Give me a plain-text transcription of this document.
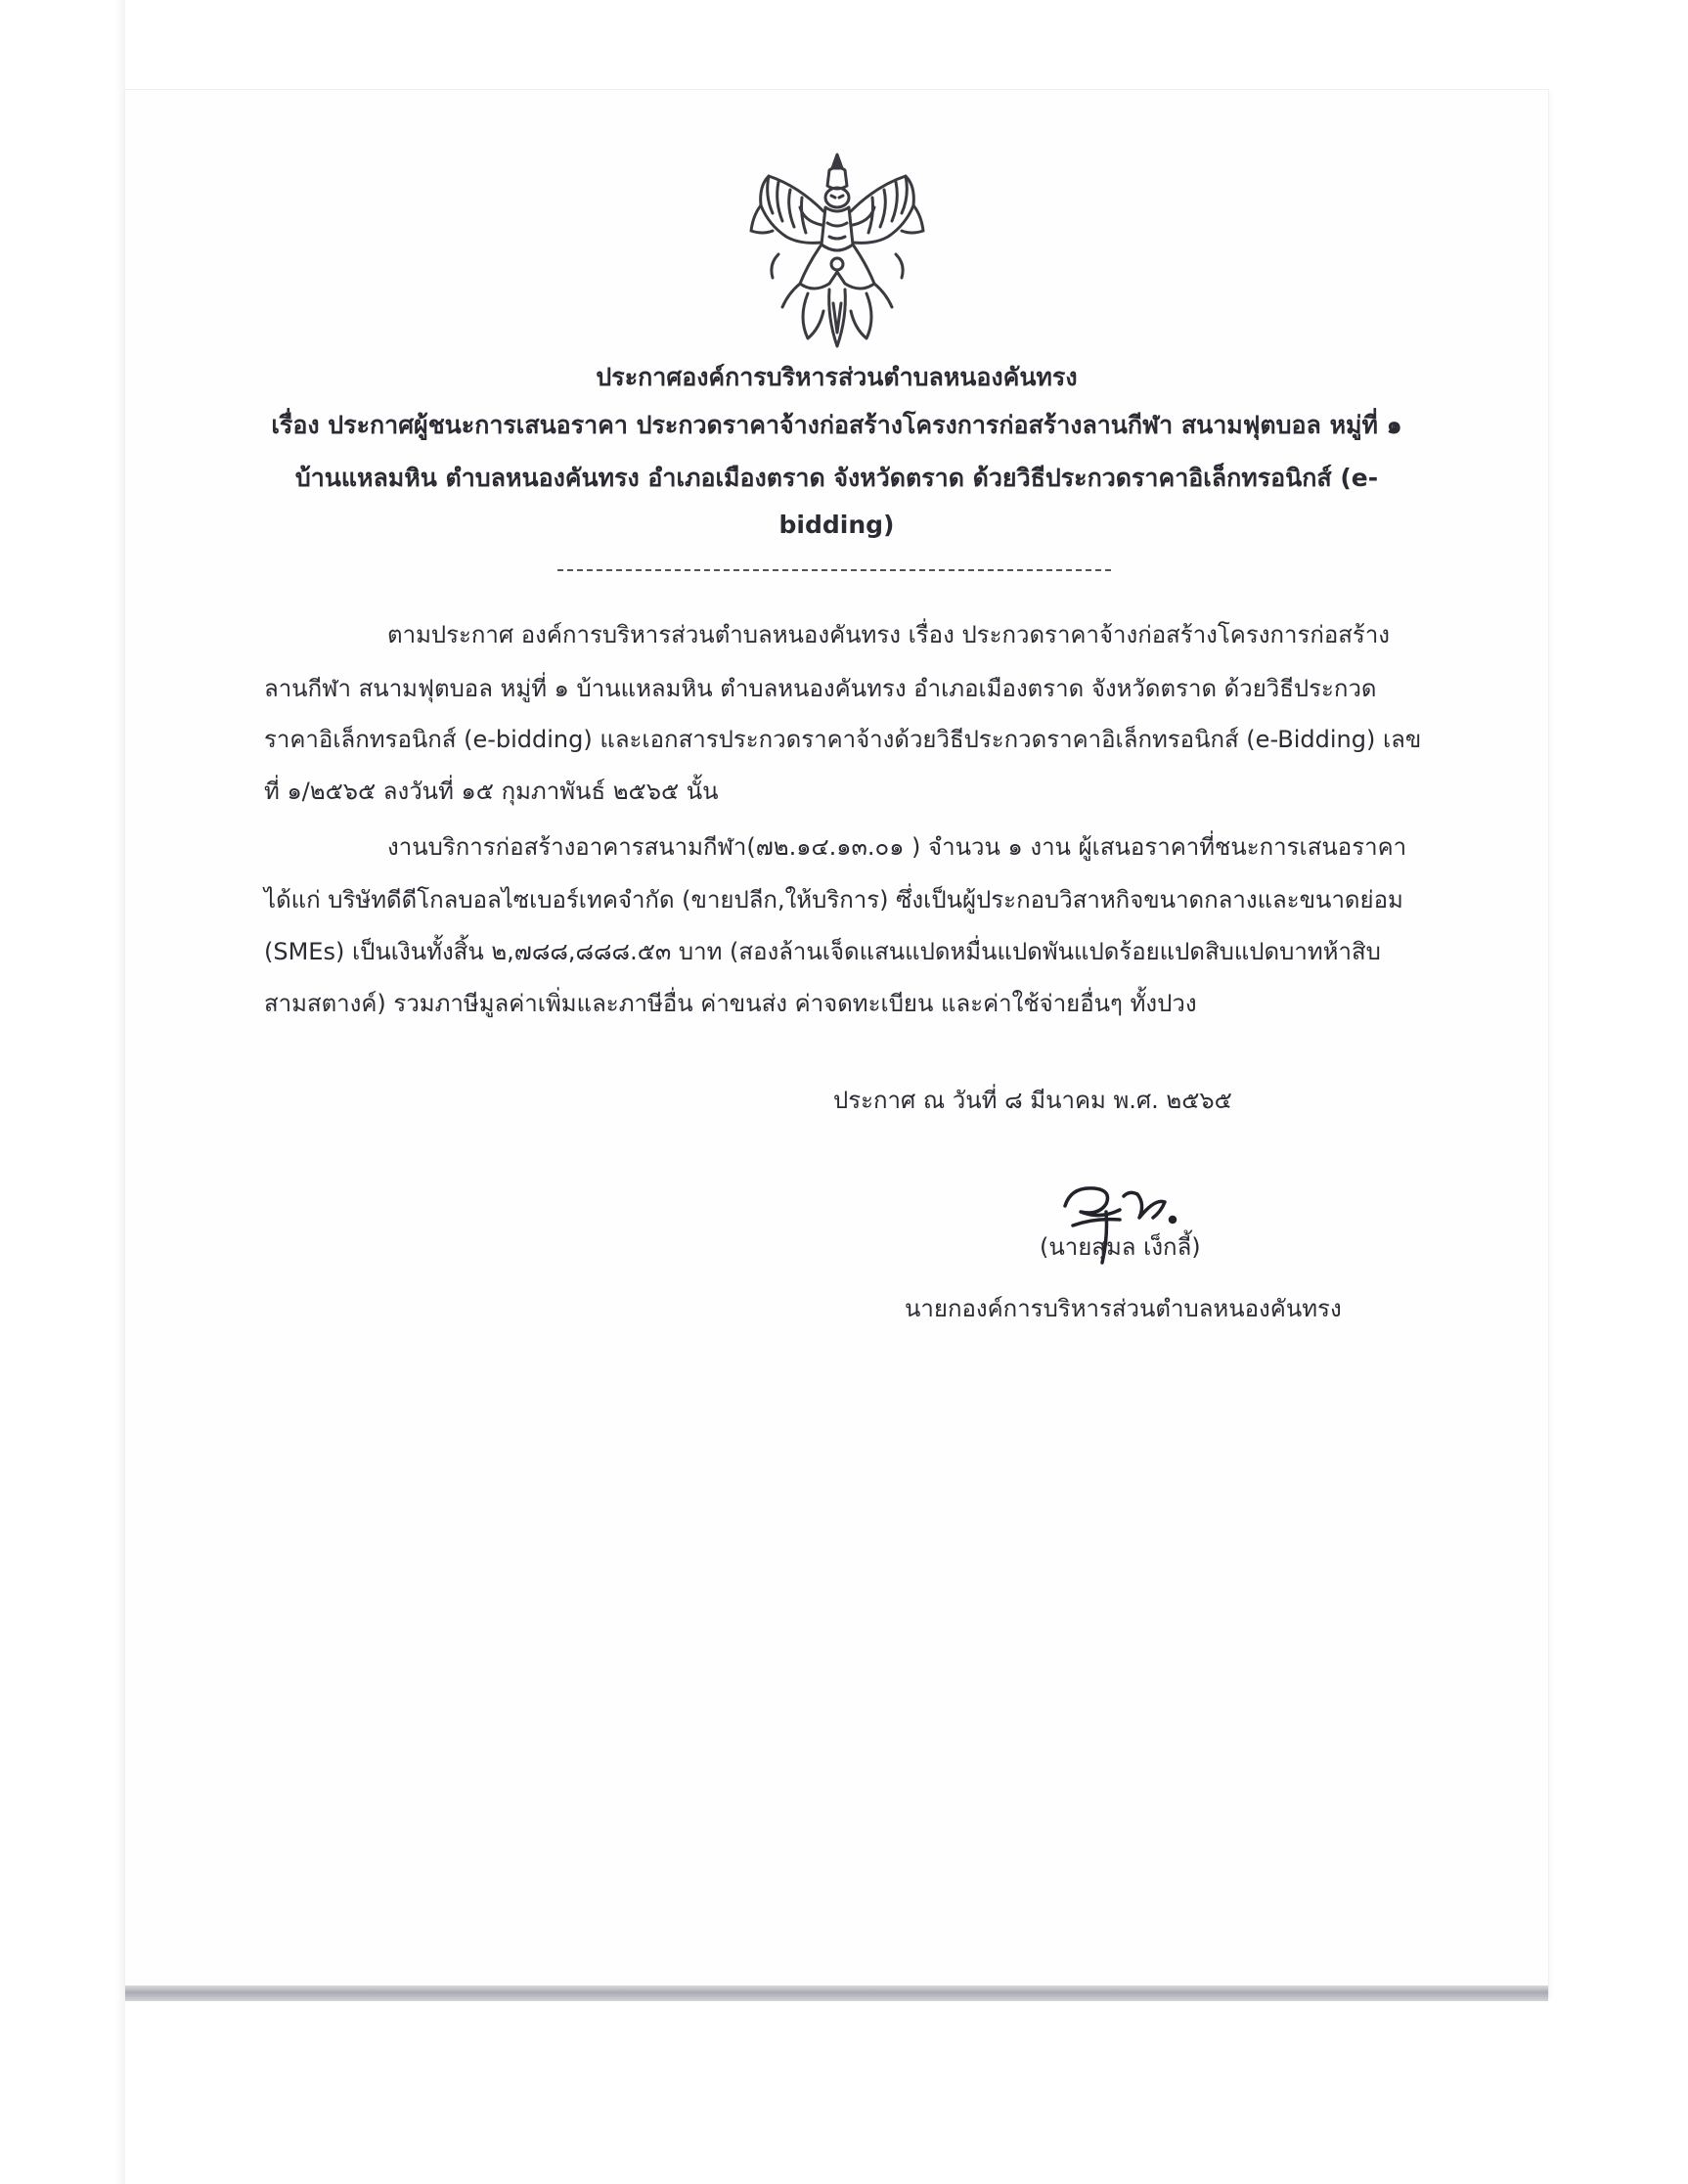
ประกาศองค์การบริหารส่วนตำบลหนองคันทรง
เรื่อง ประกาศผู้ชนะการเสนอราคา ประกวดราคาจ้างก่อสร้างโครงการก่อสร้างลานกีฬา สนามฟุตบอล หมู่ที่ ๑
บ้านแหลมหิน ตำบลหนองคันทรง อำเภอเมืองตราด จังหวัดตราด ด้วยวิธีประกวดราคาอิเล็กทรอนิกส์ (e-
bidding)
ตามประกาศ องค์การบริหารส่วนตำบลหนองคันทรง เรื่อง ประกวดราคาจ้างก่อสร้างโครงการก่อสร้าง
ลานกีฬา สนามฟุตบอล หมู่ที่ ๑ บ้านแหลมหิน ตำบลหนองคันทรง อำเภอเมืองตราด จังหวัดตราด ด้วยวิธีประกวด
ราคาอิเล็กทรอนิกส์ (e-bidding) และเอกสารประกวดราคาจ้างด้วยวิธีประกวดราคาอิเล็กทรอนิกส์ (e-Bidding) เลข
ที่ ๑/๒๕๖๕ ลงวันที่ ๑๕ กุมภาพันธ์ ๒๕๖๕ นั้น
งานบริการก่อสร้างอาคารสนามกีฬา(๗๒.๑๔.๑๓.๐๑ ) จำนวน ๑ งาน ผู้เสนอราคาที่ชนะการเสนอราคา
ได้แก่ บริษัทดีดีโกลบอลไซเบอร์เทคจำกัด (ขายปลีก,ให้บริการ) ซึ่งเป็นผู้ประกอบวิสาหกิจขนาดกลางและขนาดย่อม
(SMEs) เป็นเงินทั้งสิ้น ๒,๗๘๘,๘๘๘.๕๓ บาท (สองล้านเจ็ดแสนแปดหมื่นแปดพันแปดร้อยแปดสิบแปดบาทห้าสิบ
สามสตางค์) รวมภาษีมูลค่าเพิ่มและภาษีอื่น ค่าขนส่ง ค่าจดทะเบียน และค่าใช้จ่ายอื่นๆ ทั้งปวง
ประกาศ ณ วันที่ ๘ มีนาคม พ.ศ. ๒๕๖๕
(นายสุมล เง็กลี้)
นายกองค์การบริหารส่วนตำบลหนองคันทรง
